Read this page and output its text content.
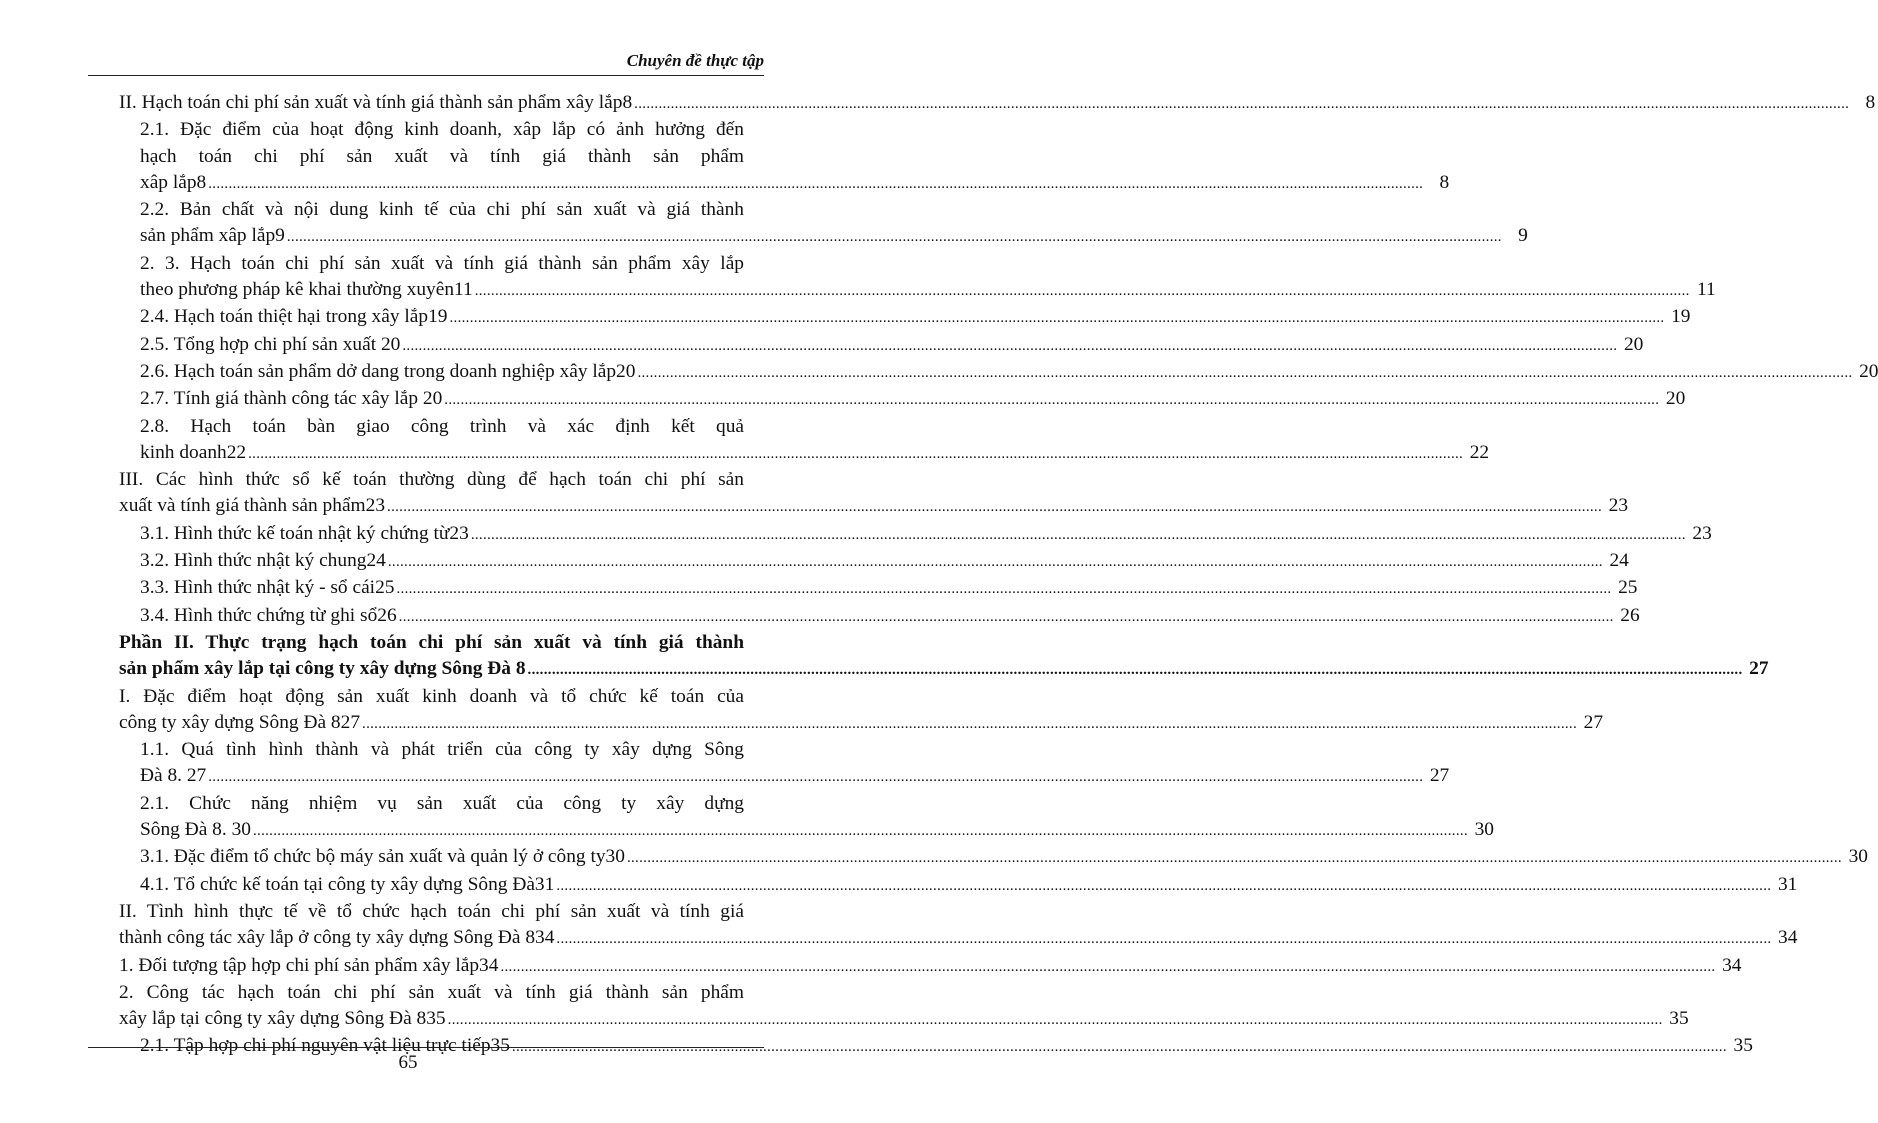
Chuyên đề thực tập
II. Hạch toán chi phí sản xuất và tính giá thành sản phẩm xây lắp8 ............................................................................................................................................................................................................................................................................................................ 8
2.1. Đặc điểm của hoạt động kinh doanh, xâp lắp có ảnh hưởng đến
hạch toán chi phí sản xuất và tính giá thành sản phẩm
xâp lắp8 ............................................................................................................................................................................................................................................................................................................ 8
2.2. Bản chất và nội dung kinh tế của chi phí sản xuất và giá thành
sản phẩm xâp lắp9 ............................................................................................................................................................................................................................................................................................................ 9
2. 3. Hạch toán chi phí sản xuất và tính giá thành sản phẩm xây lắp
theo phương pháp kê khai thường xuyên11 ............................................................................................................................................................................................................................................................................................................ 11
2.4. Hạch toán thiệt hại trong xây lắp19 ............................................................................................................................................................................................................................................................................................................ 19
2.5. Tổng hợp chi phí sản xuất 20 ............................................................................................................................................................................................................................................................................................................ 20
2.6. Hạch toán sản phẩm dở dang trong doanh nghiệp xây lắp20 ............................................................................................................................................................................................................................................................................................................ 20
2.7. Tính giá thành công tác xây lắp 20 ............................................................................................................................................................................................................................................................................................................ 20
2.8. Hạch toán bàn giao công trình và xác định kết quả
kinh doanh22 ............................................................................................................................................................................................................................................................................................................ 22
III. Các hình thức sổ kế toán thường dùng để hạch toán chi phí sản
xuất và tính giá thành sản phẩm23 ............................................................................................................................................................................................................................................................................................................ 23
3.1. Hình thức kế toán nhật ký chứng từ23 ............................................................................................................................................................................................................................................................................................................ 23
3.2. Hình thức nhật ký chung24 ............................................................................................................................................................................................................................................................................................................ 24
3.3. Hình thức nhật ký - sổ cái25 ............................................................................................................................................................................................................................................................................................................ 25
3.4. Hình thức chứng từ ghi sổ26 ............................................................................................................................................................................................................................................................................................................ 26
Phần II. Thực trạng hạch toán chi phí sản xuất và tính giá thành
sản phẩm xây lắp tại công ty xây dựng Sông Đà 8 ............................................................................................................................................................................................................................................................................................................ 27
I. Đặc điểm hoạt động sản xuất kinh doanh và tổ chức kế toán của
công ty xây dựng Sông Đà 827 ............................................................................................................................................................................................................................................................................................................ 27
1.1. Quá tình hình thành và phát triển của công ty xây dựng Sông
Đà 8. 27 ............................................................................................................................................................................................................................................................................................................ 27
2.1. Chức năng nhiệm vụ sản xuất của công ty xây dựng
Sông Đà 8. 30 ............................................................................................................................................................................................................................................................................................................ 30
3.1. Đặc điểm tổ chức bộ máy sản xuất và quản lý ở công ty30 ............................................................................................................................................................................................................................................................................................................ 30
4.1. Tổ chức kế toán tại công ty xây dựng Sông Đà31 ............................................................................................................................................................................................................................................................................................................ 31
II. Tình hình thực tế về tổ chức hạch toán chi phí sản xuất và tính giá
thành công tác xây lắp ở công ty xây dựng Sông Đà 834 ............................................................................................................................................................................................................................................................................................................ 34
1. Đối tượng tập hợp chi phí sản phẩm xây lắp34 ............................................................................................................................................................................................................................................................................................................ 34
2. Công tác hạch toán chi phí sản xuất và tính giá thành sản phẩm
xây lắp tại công ty xây dựng Sông Đà 835 ............................................................................................................................................................................................................................................................................................................ 35
2.1. Tập hợp chi phí nguyên vật liệu trực tiếp35 ............................................................................................................................................................................................................................................................................................................ 35
65
